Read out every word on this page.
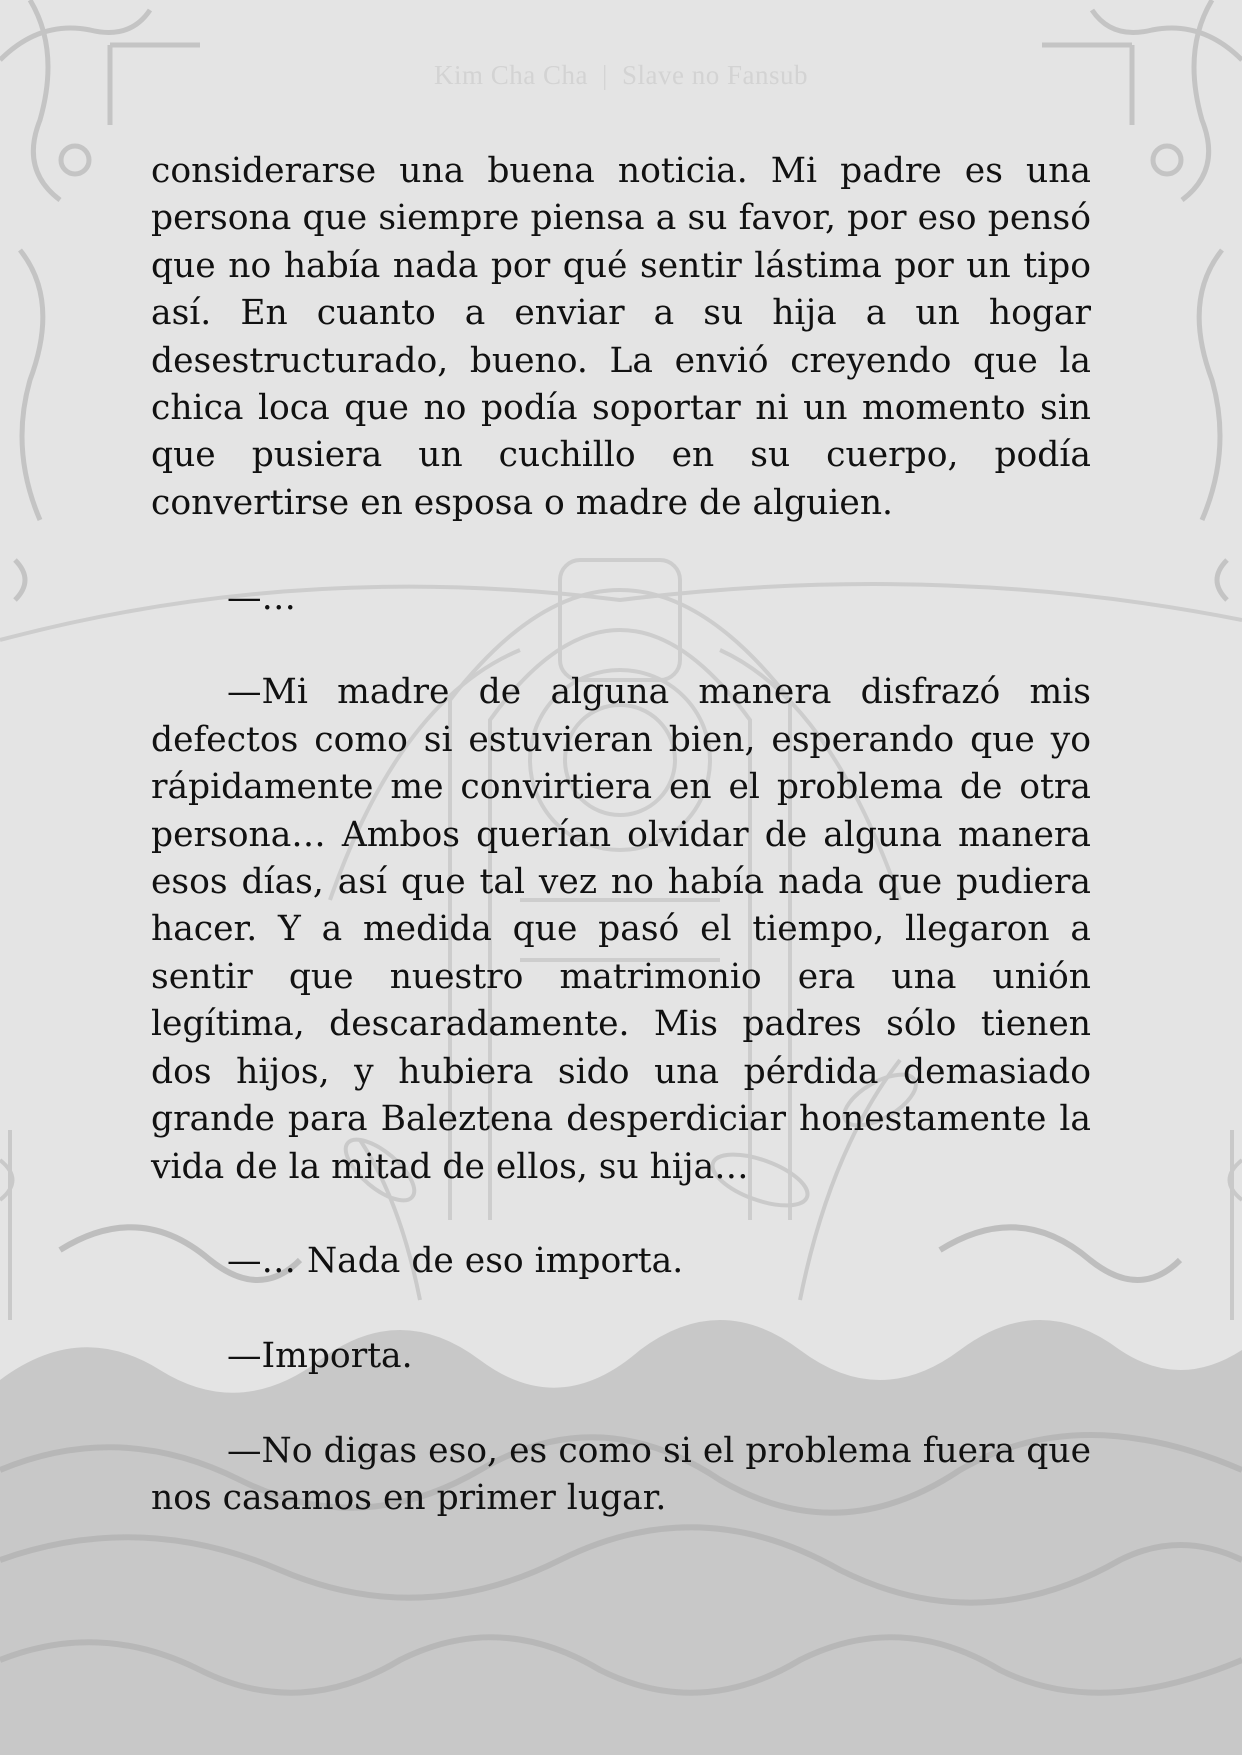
Kim Cha Cha | Slave no Fansub

considerarse una buena noticia. Mi padre es una persona que siempre piensa a su favor, por eso pensó que no había nada por qué sentir lástima por un tipo así. En cuanto a enviar a su hija a un hogar desestructurado, bueno. La envió creyendo que la chica loca que no podía soportar ni un momento sin que pusiera un cuchillo en su cuerpo, podía convertirse en esposa o madre de alguien.

—…

—Mi madre de alguna manera disfrazó mis defectos como si estuvieran bien, esperando que yo rápidamente me convirtiera en el problema de otra persona… Ambos querían olvidar de alguna manera esos días, así que tal vez no había nada que pudiera hacer. Y a medida que pasó el tiempo, llegaron a sentir que nuestro matrimonio era una unión legítima, descaradamente. Mis padres sólo tienen dos hijos, y hubiera sido una pérdida demasiado grande para Baleztena desperdiciar honestamente la vida de la mitad de ellos, su hija…

—… Nada de eso importa.

—Importa.

—No digas eso, es como si el problema fuera que nos casamos en primer lugar.
